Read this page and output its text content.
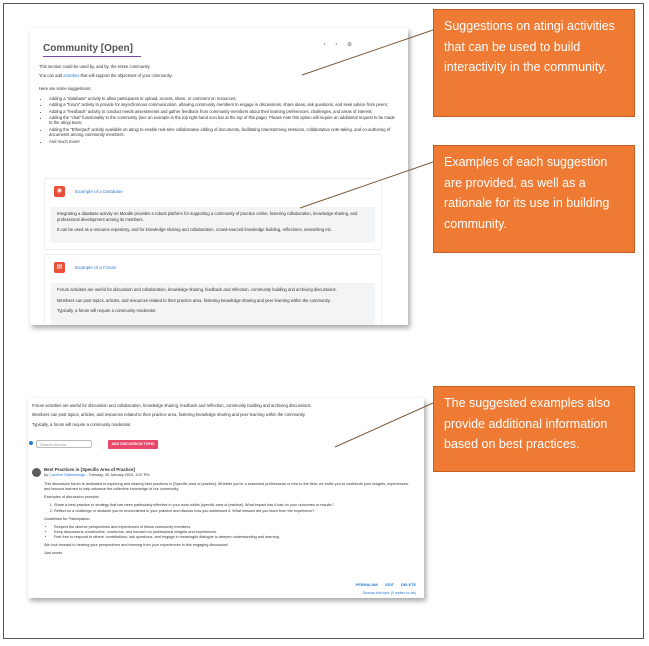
Community [Open]	‹ › ⊕
This section could be used by, and by, the entire community.
You can add activities that will support the objectives of your community.
Here are some suggestions:
• Adding a "database" activity to allow participants to upload, access, share, or comment on resources;
• Adding a "forum" activity to provide for asynchronous communication, allowing community members to engage in discussions, share ideas, ask questions, and seek advice from peers;
• Adding a "feedback" activity to conduct needs assessments and gather feedback from community members about their learning preferences, challenges, and areas of interest;
• Adding the "chat" functionality to the community (see an example in the top right-hand icon bar at the top of this page). Please note this option will require an additional request to be made to the atingi team;
• Adding the "Etherpad" activity available on atingi to enable real-time collaborative editing of documents, facilitating brainstorming sessions, collaborative note-taking, and co-authoring of documents among community members.
• And much more!
◉	Example of a Database

Integrating a database activity on Moodle provides a robust platform for supporting a community of practice online, fostering collaboration, knowledge sharing, and professional development among its members.

It can be used as a resource repository, and for knowledge sharing and collaboration, crowd-sourced knowledge building, reflections, networking etc.

▤	Example of a Forum

Forum activities are useful for discussion and collaboration, knowledge sharing, feedback and reflection, community building and archiving discussions.

Members can post topics, articles, and resources related to their practice area, fostering knowledge sharing and peer learning within the community.

Typically, a forum will require a community moderator.

Forum activities are useful for discussion and collaboration, knowledge sharing, feedback and reflection, community building and archiving discussions.
Members can post topics, articles, and resources related to their practice area, fostering knowledge sharing and peer learning within the community.
Typically, a forum will require a community moderator.
Search forums	ADD DISCUSSION TOPIC
Best Practices in [Specific Area of Practice]
by Caroline Ratteewingh - Tuesday, 30 January 2024, 3:37 PM

This discussion forum is dedicated to exploring and sharing best practices in [Specific area of practice]. Whether you're a seasoned professional or new to the field, we invite you to contribute your insights, experiences, and lessons learned to help advance the collective knowledge of our community.

Examples of discussion prompts:

1. Share a best practice or strategy that has been particularly effective in your work within [specific area of practice]. What impact has it had on your outcomes or results?
2. Reflect on a challenge or obstacle you've encountered in your practice and discuss how you addressed it. What lessons did you learn from the experience?

Guidelines for Participation:

• Respect the diverse perspectives and experiences of fellow community members.
• Keep discussions constructive, courteous, and focused on professional insights and experiences.
• Feel free to respond to others' contributions, ask questions, and engage in meaningful dialogue to deepen understanding and learning.

We look forward to hearing your perspectives and learning from your experiences in this engaging discussion!

Just words

PERMALINK EDIT DELETE
Discuss this topic (0 replies so far)
Suggestions on atingi activities that can be used to build interactivity in the community.
Examples of each suggestion are provided, as well as a rationale for its use in building community.
The suggested examples also provide additional information based on best practices.
